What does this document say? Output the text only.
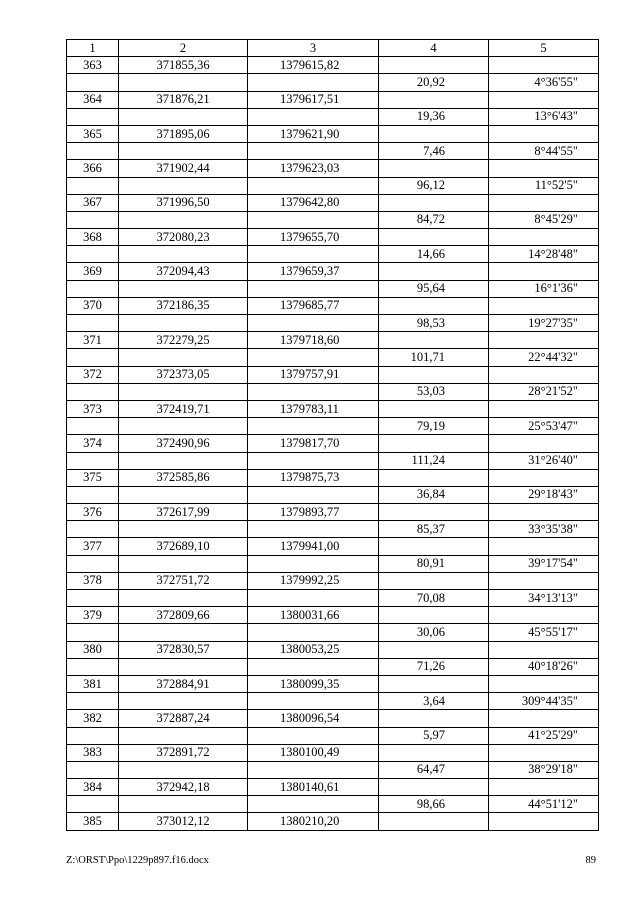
1	2	3	4	5
363	371855,36	1379615,82		
			20,92	4°36'55"
364	371876,21	1379617,51		
			19,36	13°6'43"
365	371895,06	1379621,90		
			7,46	8°44'55"
366	371902,44	1379623,03		
			96,12	11°52'5"
367	371996,50	1379642,80		
			84,72	8°45'29"
368	372080,23	1379655,70		
			14,66	14°28'48"
369	372094,43	1379659,37		
			95,64	16°1'36"
370	372186,35	1379685,77		
			98,53	19°27'35"
371	372279,25	1379718,60		
			101,71	22°44'32"
372	372373,05	1379757,91		
			53,03	28°21'52"
373	372419,71	1379783,11		
			79,19	25°53'47"
374	372490,96	1379817,70		
			111,24	31°26'40"
375	372585,86	1379875,73		
			36,84	29°18'43"
376	372617,99	1379893,77		
			85,37	33°35'38"
377	372689,10	1379941,00		
			80,91	39°17'54"
378	372751,72	1379992,25		
			70,08	34°13'13"
379	372809,66	1380031,66		
			30,06	45°55'17"
380	372830,57	1380053,25		
			71,26	40°18'26"
381	372884,91	1380099,35		
			3,64	309°44'35"
382	372887,24	1380096,54		
			5,97	41°25'29"
383	372891,72	1380100,49		
			64,47	38°29'18"
384	372942,18	1380140,61		
			98,66	44°51'12"
385	373012,12	1380210,20		
Z:\ORST\Ppo\1229p897.f16.docx	89
